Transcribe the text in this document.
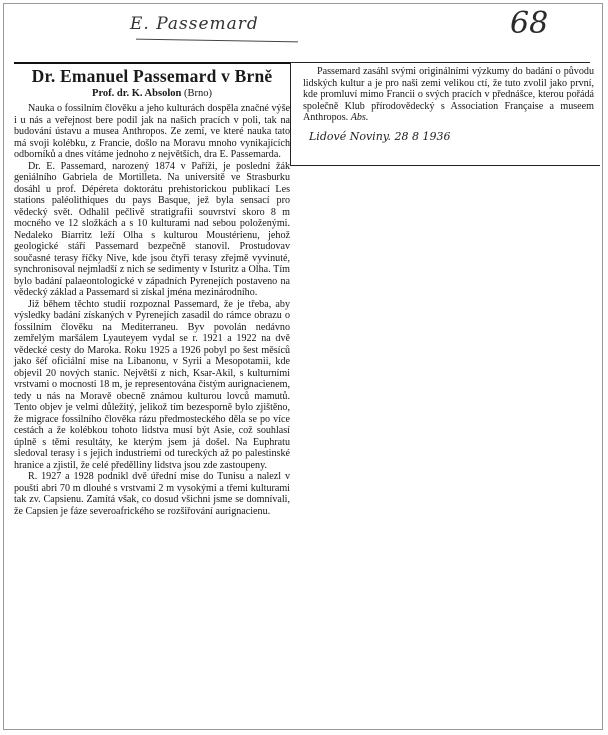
E. Passemard	68
Dr. Emanuel Passemard v Brně
Prof. dr. K. Absolon (Brno)

Nauka o fossilním člověku a jeho kulturách dospěla značné výše i u nás a veřejnost bere podíl jak na našich pracích v poli, tak na budování ústavu a musea Anthropos. Ze zemí, ve které nauka tato má svoji kolébku, z Francie, došlo na Moravu mnoho vynikajících odborníků a dnes vítáme jednoho z největších, dra E. Passemarda.

Dr. E. Passemard, narozený 1874 v Paříži, je poslední žák geniálního Gabriela de Mortilleta. Na universitě ve Strasburku dosáhl u prof. Dépéreta doktorátu prehistorickou publikací Les stations paléolithiques du pays Basque, jež byla sensací pro vědecký svět. Odhalil pečlivě stratigrafii souvrství skoro 8 m mocného ve 12 složkách a s 10 kulturami nad sebou položenými. Nedaleko Biarritz leží Olha s kulturou Moustérienu, jehož geologické stáří Passemard bezpečně stanovil. Prostudovav současné terasy říčky Nive, kde jsou čtyři terasy zřejmě vyvinuté, synchronisoval nejmladší z nich se sedimenty v Isturitz a Olha. Tím bylo badání palaeontologické v západních Pyrenejích postaveno na vědecký základ a Passemard si získal jména mezinárodního.

Již během těchto studií rozpoznal Passemard, že je třeba, aby výsledky badání získaných v Pyrenejích zasadil do rámce obrazu o fossilním člověku na Mediterraneu. Byv povolán nedávno zemřelým maršálem Lyauteyem vydal se r. 1921 a 1922 na dvě vědecké cesty do Maroka. Roku 1925 a 1926 pobyl po šest měsíců jako šéf oficiální mise na Libanonu, v Syrii a Mesopotamii, kde objevil 20 nových stanic. Největší z nich, Ksar-Akil, s kulturními vrstvami o mocnosti 18 m, je representována čistým aurignacienem, tedy u nás na Moravě obecně známou kulturou lovců mamutů. Tento objev je velmi důležitý, jelikož tím bezespornĕ bylo zjištěno, že migrace fossilního člověka rázu předmosteckého děla se po více cestách a že kolébkou tohoto lidstva musí být Asie, což souhlasí úplně s těmi resultáty, ke kterým jsem já došel. Na Euphratu sledoval terasy i s jejich industriemi od tureckých až po palestinské hranice a zjistil, že celé předělliny lidstva jsou zde zastoupeny.

R. 1927 a 1928 podnikl dvě úřední mise do Tunisu a nalezl v poušti abri 70 m dlouhé s vrstvami 2 m vysokými a třemi kulturami tak zv. Capsienu. Zamítá však, co dosud všichni jsme se domnívali, že Capsien je fáze severoafrického se rozšiřování aurignacienu.

Passemard zasáhl svými originálními výzkumy do badání o původu lidských kultur a je pro naši zemi velikou ctí, že tuto zvolil jako první, kde promluví mimo Francii o svých pracích v přednášce, kterou pořádá společně Klub přírodovědecký s Association Française a museem Anthropos. Abs.

Lidové Noviny. 28 8 1936
